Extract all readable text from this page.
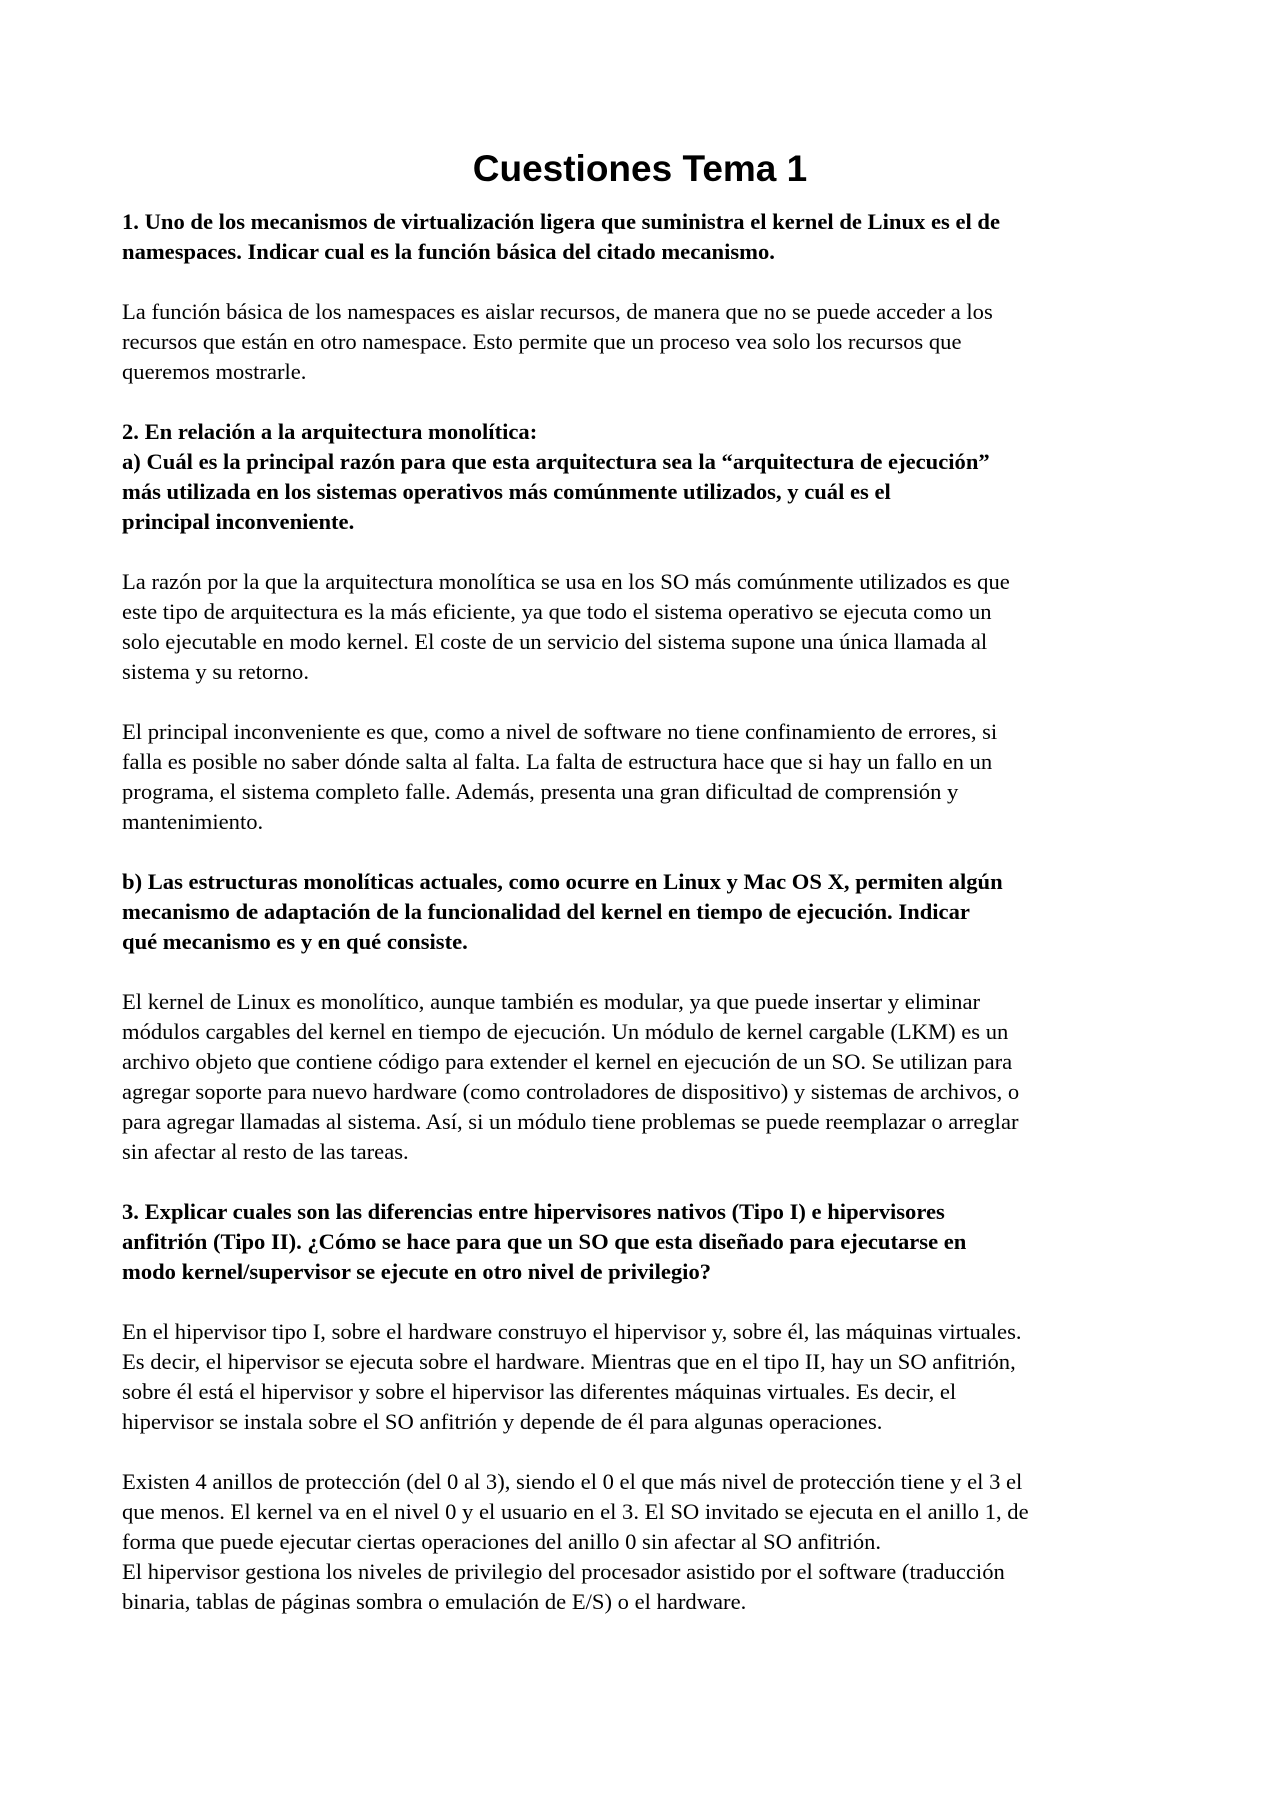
Cuestiones Tema 1

1. Uno de los mecanismos de virtualización ligera que suministra el kernel de Linux es el de
namespaces. Indicar cual es la función básica del citado mecanismo.

La función básica de los namespaces es aislar recursos, de manera que no se puede acceder a los
recursos que están en otro namespace. Esto permite que un proceso vea solo los recursos que
queremos mostrarle.

2. En relación a la arquitectura monolítica:
a) Cuál es la principal razón para que esta arquitectura sea la “arquitectura de ejecución”
más utilizada en los sistemas operativos más comúnmente utilizados, y cuál es el
principal inconveniente.

La razón por la que la arquitectura monolítica se usa en los SO más comúnmente utilizados es que
este tipo de arquitectura es la más eficiente, ya que todo el sistema operativo se ejecuta como un
solo ejecutable en modo kernel. El coste de un servicio del sistema supone una única llamada al
sistema y su retorno.

El principal inconveniente es que, como a nivel de software no tiene confinamiento de errores, si
falla es posible no saber dónde salta al falta. La falta de estructura hace que si hay un fallo en un
programa, el sistema completo falle. Además, presenta una gran dificultad de comprensión y
mantenimiento.

b) Las estructuras monolíticas actuales, como ocurre en Linux y Mac OS X, permiten algún
mecanismo de adaptación de la funcionalidad del kernel en tiempo de ejecución. Indicar
qué mecanismo es y en qué consiste.

El kernel de Linux es monolítico, aunque también es modular, ya que puede insertar y eliminar
módulos cargables del kernel en tiempo de ejecución. Un módulo de kernel cargable (LKM) es un
archivo objeto que contiene código para extender el kernel en ejecución de un SO. Se utilizan para
agregar soporte para nuevo hardware (como controladores de dispositivo) y sistemas de archivos, o
para agregar llamadas al sistema. Así, si un módulo tiene problemas se puede reemplazar o arreglar
sin afectar al resto de las tareas.

3. Explicar cuales son las diferencias entre hipervisores nativos (Tipo I) e hipervisores
anfitrión (Tipo II). ¿Cómo se hace para que un SO que esta diseñado para ejecutarse en
modo kernel/supervisor se ejecute en otro nivel de privilegio?

En el hipervisor tipo I, sobre el hardware construyo el hipervisor y, sobre él, las máquinas virtuales.
Es decir, el hipervisor se ejecuta sobre el hardware. Mientras que en el tipo II, hay un SO anfitrión,
sobre él está el hipervisor y sobre el hipervisor las diferentes máquinas virtuales. Es decir, el
hipervisor se instala sobre el SO anfitrión y depende de él para algunas operaciones.

Existen 4 anillos de protección (del 0 al 3), siendo el 0 el que más nivel de protección tiene y el 3 el
que menos. El kernel va en el nivel 0 y el usuario en el 3. El SO invitado se ejecuta en el anillo 1, de
forma que puede ejecutar ciertas operaciones del anillo 0 sin afectar al SO anfitrión.

El hipervisor gestiona los niveles de privilegio del procesador asistido por el software (traducción
binaria, tablas de páginas sombra o emulación de E/S) o el hardware.
